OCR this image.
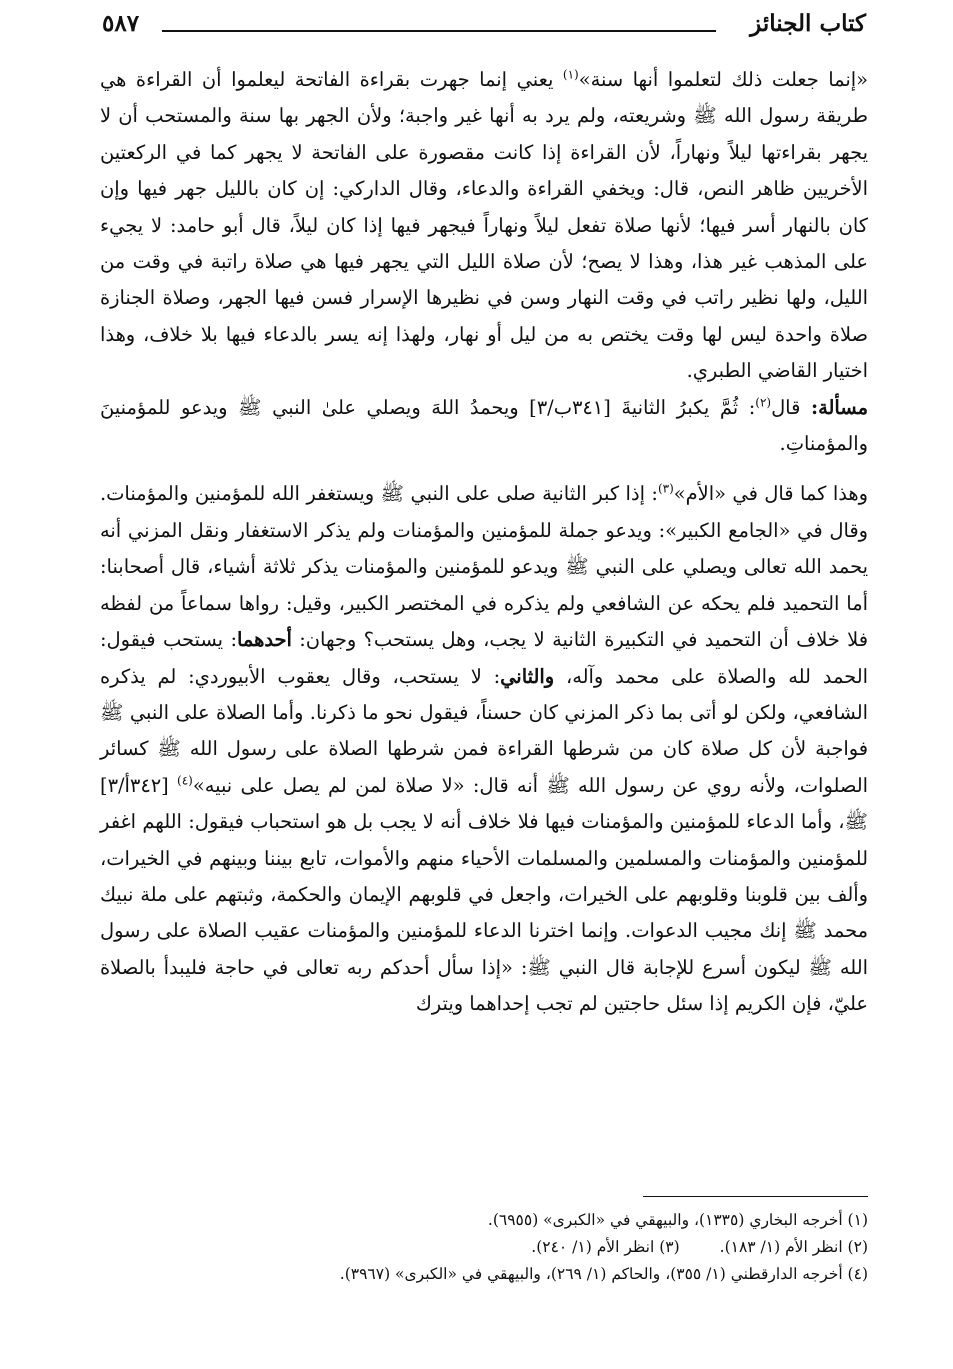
كتاب الجنائز
٥٨٧

«إنما جعلت ذلك لتعلموا أنها سنة»$^{(١)}$ يعني إنما جهرت بقراءة الفاتحة ليعلموا أن القراءة هي طريقة رسول الله ﷺ وشريعته، ولم يرد به أنها غير واجبة؛ ولأن الجهر بها سنة والمستحب أن لا يجهر بقراءتها ليلاً ونهاراً، لأن القراءة إذا كانت مقصورة على الفاتحة لا يجهر كما في الركعتين الأخريين ظاهر النص، قال: ويخفي القراءة والدعاء، وقال الداركي: إن كان بالليل جهر فيها وإن كان بالنهار أسر فيها؛ لأنها صلاة تفعل ليلاً ونهاراً فيجهر فيها إذا كان ليلاً، قال أبو حامد: لا يجيء على المذهب غير هذا، وهذا لا يصح؛ لأن صلاة الليل التي يجهر فيها هي صلاة راتبة في وقت من الليل، ولها نظير راتب في وقت النهار وسن في نظيرها الإسرار فسن فيها الجهر، وصلاة الجنازة صلاة واحدة ليس لها وقت يختص به من ليل أو نهار، ولهذا إنه يسر بالدعاء فيها بلا خلاف، وهذا اختيار القاضي الطبري.

مسألة: قال$^{(٢)}$: ثُمَّ يكبرُ الثانيةَ [٣٤١ب/٣] ويحمدُ اللهَ ويصلي علىٰ النبي ﷺ ويدعو للمؤمنينَ والمؤمناتِ.

وهذا كما قال في «الأم»$^{(٣)}$: إذا كبر الثانية صلى على النبي ﷺ ويستغفر الله للمؤمنين والمؤمنات. وقال في «الجامع الكبير»: ويدعو جملة للمؤمنين والمؤمنات ولم يذكر الاستغفار ونقل المزني أنه يحمد الله تعالى ويصلي على النبي ﷺ ويدعو للمؤمنين والمؤمنات يذكر ثلاثة أشياء، قال أصحابنا: أما التحميد فلم يحكه عن الشافعي ولم يذكره في المختصر الكبير، وقيل: رواها سماعاً من لفظه فلا خلاف أن التحميد في التكبيرة الثانية لا يجب، وهل يستحب؟ وجهان: أحدهما: يستحب فيقول: الحمد لله والصلاة على محمد وآله، والثاني: لا يستحب، وقال يعقوب الأبيوردي: لم يذكره الشافعي، ولكن لو أتى بما ذكر المزني كان حسناً، فيقول نحو ما ذكرنا. وأما الصلاة على النبي ﷺ فواجبة لأن كل صلاة كان من شرطها القراءة فمن شرطها الصلاة على رسول الله ﷺ كسائر الصلوات، ولأنه روي عن رسول الله ﷺ أنه قال: «لا صلاة لمن لم يصل على نبيه»$^{(٤)}$ [٣٤٢أ/٣] ﷺ، وأما الدعاء للمؤمنين والمؤمنات فيها فلا خلاف أنه لا يجب بل هو استحباب فيقول: اللهم اغفر للمؤمنين والمؤمنات والمسلمين والمسلمات الأحياء منهم والأموات، تابع بيننا وبينهم في الخيرات، وألف بين قلوبنا وقلوبهم على الخيرات، واجعل في قلوبهم الإيمان والحكمة، وثبتهم على ملة نبيك محمد ﷺ إنك مجيب الدعوات. وإنما اخترنا الدعاء للمؤمنين والمؤمنات عقيب الصلاة على رسول الله ﷺ ليكون أسرع للإجابة قال النبي ﷺ: «إذا سأل أحدكم ربه تعالى في حاجة فليبدأ بالصلاة عليّ، فإن الكريم إذا سئل حاجتين لم تجب إحداهما ويترك

(١) أخرجه البخاري (١٣٣٥)، والبيهقي في «الكبرى» (٦٩٥٥).
(٢) انظر الأم (١/ ١٨٣).(٣) انظر الأم (١/ ٢٤٠).
(٤) أخرجه الدارقطني (١/ ٣٥٥)، والحاكم (١/ ٢٦٩)، والبيهقي في «الكبرى» (٣٩٦٧).
